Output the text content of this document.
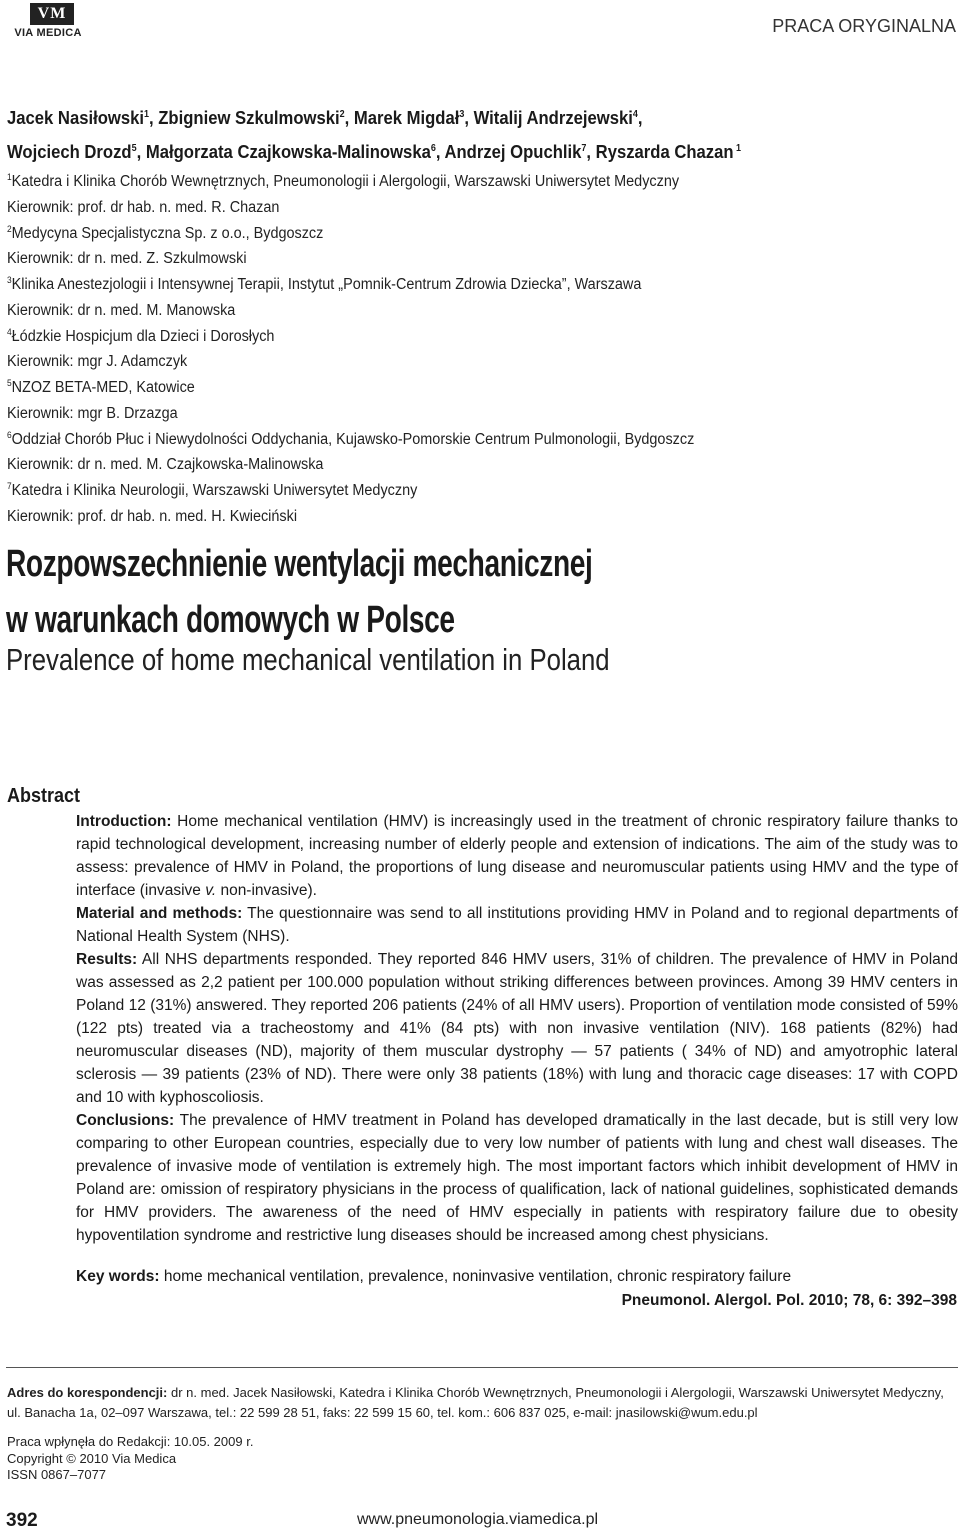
VM
VIA MEDICA	PRACA ORYGINALNA
Jacek Nasiłowski$^1$, Zbigniew Szkulmowski$^2$, Marek Migdał$^3$, Witalij Andrzejewski$^4$,
Wojciech Drozd$^5$, Małgorzata Czajkowska-Malinowska$^6$, Andrzej Opuchlik$^7$, Ryszarda Chazan $^1$
$^1$Katedra i Klinika Chorób Wewnętrznych, Pneumonologii i Alergologii, Warszawski Uniwersytet Medyczny
Kierownik: prof. dr hab. n. med. R. Chazan
$^2$Medycyna Specjalistyczna Sp. z o.o., Bydgoszcz
Kierownik: dr n. med. Z. Szkulmowski
$^3$Klinika Anestezjologii i Intensywnej Terapii, Instytut „Pomnik-Centrum Zdrowia Dziecka”, Warszawa
Kierownik: dr n. med. M. Manowska
$^4$Łódzkie Hospicjum dla Dzieci i Dorosłych
Kierownik: mgr J. Adamczyk
$^5$NZOZ BETA-MED, Katowice
Kierownik: mgr B. Drzazga
$^6$Oddział Chorób Płuc i Niewydolności Oddychania, Kujawsko-Pomorskie Centrum Pulmonologii, Bydgoszcz
Kierownik: dr n. med. M. Czajkowska-Malinowska
$^7$Katedra i Klinika Neurologii, Warszawski Uniwersytet Medyczny
Kierownik: prof. dr hab. n. med. H. Kwieciński
Rozpowszechnienie wentylacji mechanicznej
w warunkach domowych w Polsce
Prevalence of home mechanical ventilation in Poland
Abstract

Introduction: Home mechanical ventilation (HMV) is increasingly used in the treatment of chronic respiratory failure thanks to rapid technological development, increasing number of elderly people and extension of indications. The aim of the study was to assess: prevalence of HMV in Poland, the proportions of lung disease and neuromuscular patients using HMV and the type of interface (invasive v. non-invasive).

Material and methods: The questionnaire was send to all institutions providing HMV in Poland and to regional departments of National Health System (NHS).

Results: All NHS departments responded. They reported 846 HMV users, 31% of children. The prevalence of HMV in Poland was assessed as 2,2 patient per 100.000 population without striking differences between provinces. Among 39 HMV centers in Poland 12 (31%) answered. They reported 206 patients (24% of all HMV users). Proportion of ventilation mode consisted of 59% (122 pts) treated via a tracheostomy and 41% (84 pts) with non invasive ventilation (NIV). 168 patients (82%) had neuromuscular diseases (ND), majority of them muscular dystrophy — 57 patients ( 34% of ND) and amyotrophic lateral sclerosis — 39 patients (23% of ND). There were only 38 patients (18%) with lung and thoracic cage diseases: 17 with COPD and 10 with kyphoscoliosis.

Conclusions: The prevalence of HMV treatment in Poland has developed dramatically in the last decade, but is still very low comparing to other European countries, especially due to very low number of patients with lung and chest wall diseases. The prevalence of invasive mode of ventilation is extremely high. The most important factors which inhibit development of HMV in Poland are: omission of respiratory physicians in the process of qualification, lack of national guidelines, sophisticated demands for HMV providers. The awareness of the need of HMV especially in patients with respiratory failure due to obesity hypoventilation syndrome and restrictive lung diseases should be increased among chest physicians.

Key words: home mechanical ventilation, prevalence, noninvasive ventilation, chronic respiratory failure
Pneumonol. Alergol. Pol. 2010; 78, 6: 392–398
Adres do korespondencji: dr n. med. Jacek Nasiłowski, Katedra i Klinika Chorób Wewnętrznych, Pneumonologii i Alergologii, Warszawski Uniwersytet Medyczny, ul. Banacha 1a, 02–097 Warszawa, tel.: 22 599 28 51, faks: 22 599 15 60, tel. kom.: 606 837 025, e-mail: jnasilowski@wum.edu.pl
Praca wpłynęła do Redakcji: 10.05. 2009 r.
Copyright © 2010 Via Medica
ISSN 0867–7077
392	www.pneumonologia.viamedica.pl
